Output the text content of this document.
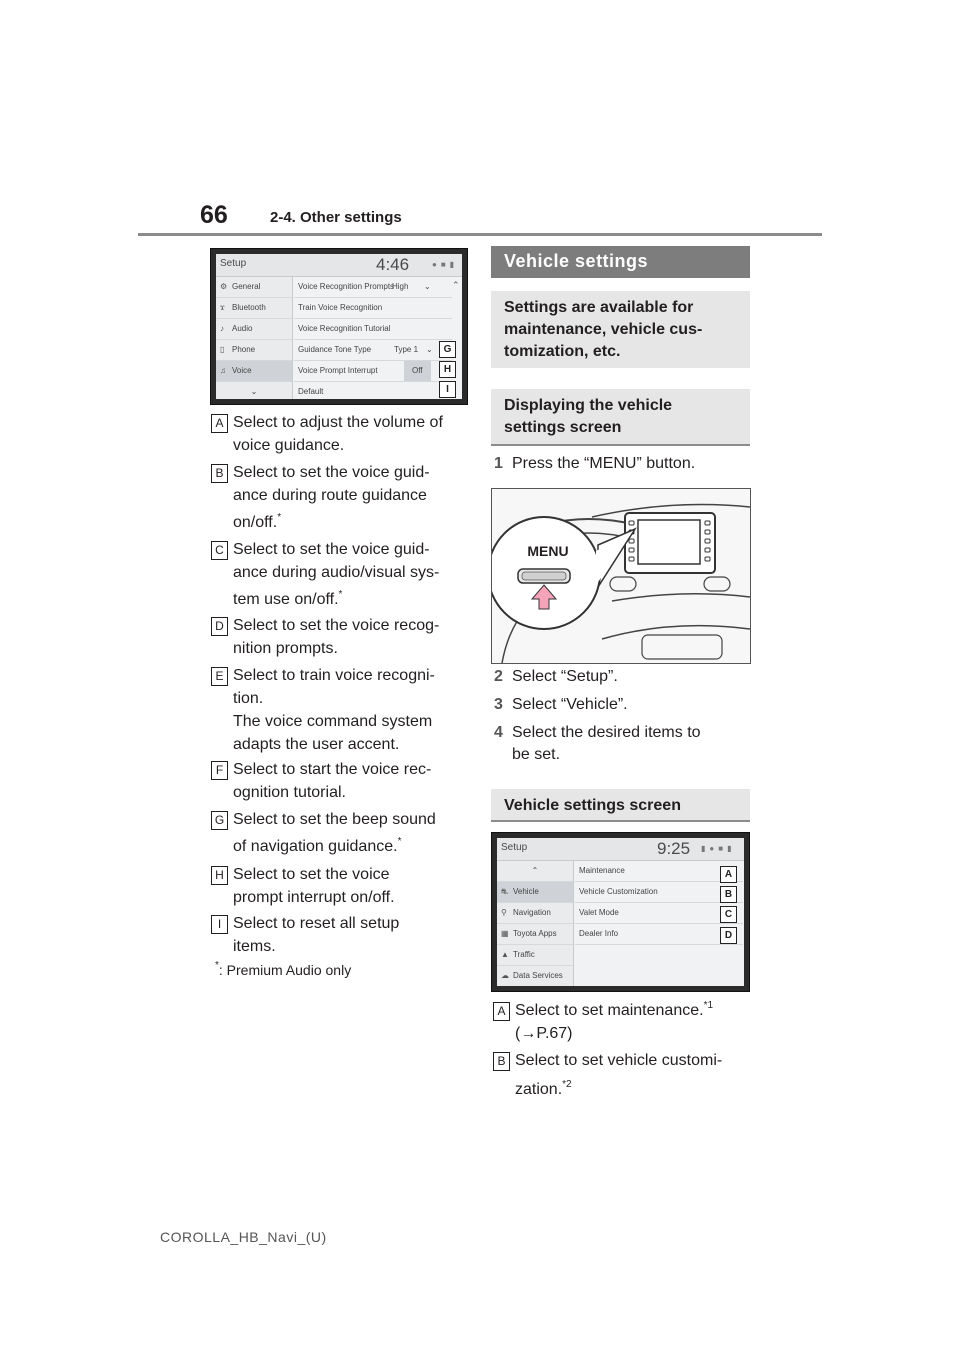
66	2-4. Other settings
Setup	4:46	●■▮
⚙ General
ϫ Bluetooth
♪ Audio
▯ Phone
♫ Voice
⌄
Voice Recognition Prompts
High ⌄ ⌃
Train Voice Recognition
Voice Recognition Tutorial
Guidance Tone Type	Type 1 ⌄
Voice Prompt Interrupt	Off
Default
G
H
I
A Select to adjust the volume of
voice guidance.
B Select to set the voice guid-
ance during route guidance
on/off.*
C Select to set the voice guid-
ance during audio/visual sys-
tem use on/off.*
D Select to set the voice recog-
nition prompts.
E Select to train voice recogni-
tion.
The voice command system
adapts the user accent.
F Select to start the voice rec-
ognition tutorial.
G Select to set the beep sound
of navigation guidance.*
H Select to set the voice
prompt interrupt on/off.
I Select to reset all setup
items.
*: Premium Audio only
Vehicle settings
Settings are available for
maintenance, vehicle cus-
tomization, etc.
Displaying the vehicle
settings screen
1 Press the “MENU” button.
MENU
2 Select “Setup”.
3 Select “Vehicle”.
4 Select the desired items to
be set.
Vehicle settings screen
Setup	9:25 ▮●■▮
⌃
⛐ Vehicle
⚲ Navigation
▦ Toyota Apps
▲ Traffic
☁ Data Services
Maintenance
Vehicle Customization
Valet Mode
Dealer Info
A
B
C
D
A Select to set maintenance.$^{*1}$
(→P.67)
B Select to set vehicle customi-
zation.$^{*2}$
COROLLA_HB_Navi_(U)
